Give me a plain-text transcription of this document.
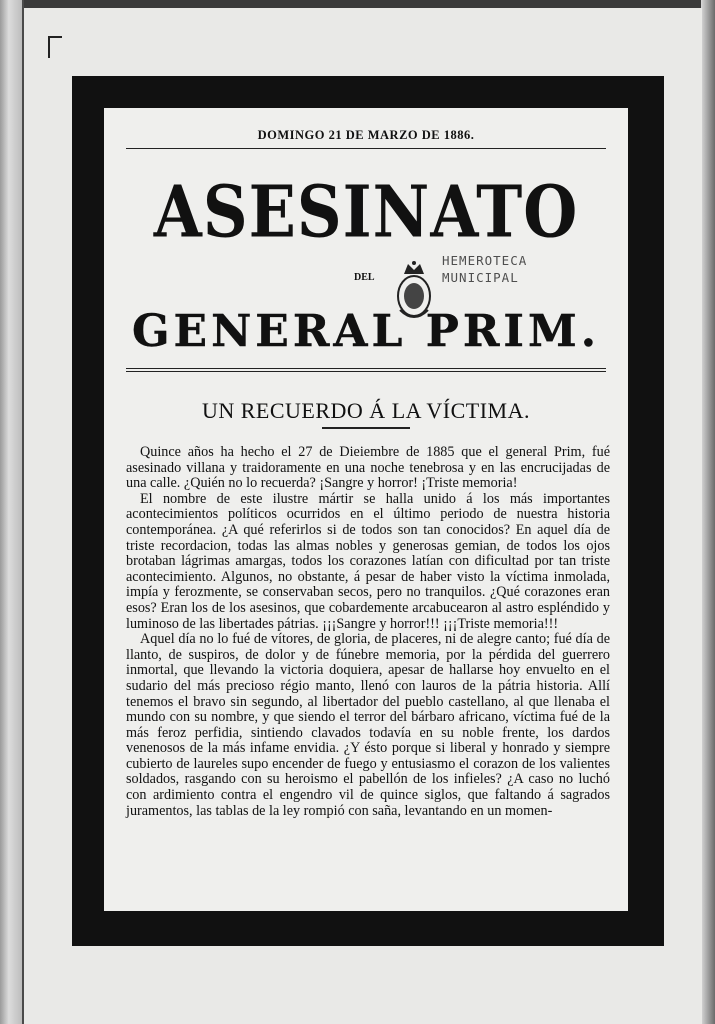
DOMINGO 21 DE MARZO DE 1886.
ASESINATO
DEL
HEMEROTECA
MUNICIPAL
GENERAL PRIM.
UN RECUERDO Á LA VÍCTIMA.

Quince años ha hecho el 27 de Dieiembre de 1885 que el general Prim, fué asesinado villana y traidoramente en una noche tenebrosa y en las encrucijadas de una calle. ¿Quién no lo recuerda? ¡Sangre y horror! ¡Triste memoria!

El nombre de este ilustre mártir se halla unido á los más importantes acontecimientos políticos ocurridos en el último periodo de nuestra historia contemporánea. ¿A qué referirlos si de todos son tan conocidos? En aquel día de triste recordacion, todas las almas nobles y generosas gemian, de todos los ojos brotaban lágrimas amargas, todos los corazones latían con dificultad por tan triste acontecimiento. Algunos, no obstante, á pesar de haber visto la víctima inmolada, impía y ferozmente, se conservaban secos, pero no tranquilos. ¿Qué corazones eran esos? Eran los de los asesinos, que cobardemente arcabucearon al astro espléndido y luminoso de las libertades pátrias. ¡¡¡Sangre y horror!!! ¡¡¡Triste memoria!!!

Aquel día no lo fué de vítores, de gloria, de placeres, ni de alegre canto; fué día de llanto, de suspiros, de dolor y de fúnebre memoria, por la pérdida del guerrero inmortal, que llevando la victoria doquiera, apesar de hallarse hoy envuelto en el sudario del más precioso régio manto, llenó con lauros de la pátria historia. Allí tenemos el bravo sin segundo, al libertador del pueblo castellano, al que llenaba el mundo con su nombre, y que siendo el terror del bárbaro africano, víctima fué de la más feroz perfidia, sintiendo clavados todavía en su noble frente, los dardos venenosos de la más infame envidia. ¿Y ésto porque si liberal y honrado y siempre cubierto de laureles supo encender de fuego y entusiasmo el corazon de los valientes soldados, rasgando con su heroismo el pabellón de los infieles? ¿A caso no luchó con ardimiento contra el engendro vil de quince siglos, que faltando á sagrados juramentos, las tablas de la ley rompió con saña, levantando en un momen-
